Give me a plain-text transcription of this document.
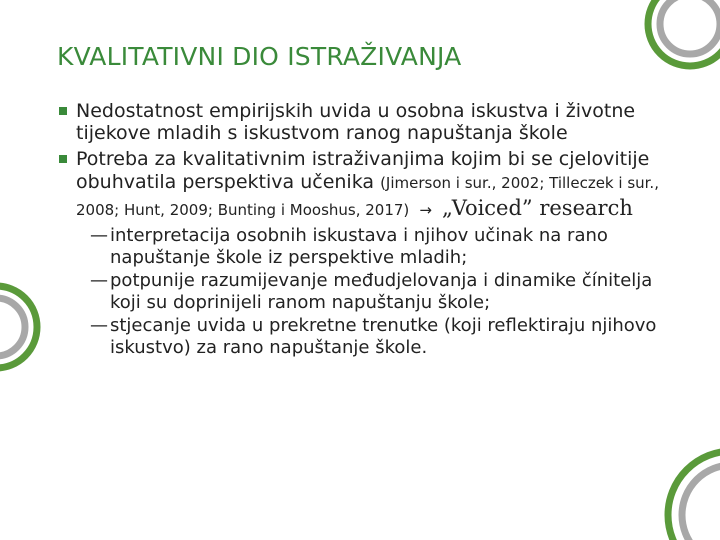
KVALITATIVNI DIO ISTRAŽIVANJA
Nedostatnost empirijskih uvida u osobna iskustva i životne tijekove mladih s iskustvom ranog napuštanja škole
Potreba za kvalitativnim istraživanjima kojim bi se cjelovitije obuhvatila perspektiva učenika (Jimerson i sur., 2002; Tilleczek i sur., 2008; Hunt, 2009; Bunting i Mooshus, 2017) → „Voiced” research
— interpretacija osobnih iskustava i njihov učinak na rano napuštanje škole iz perspektive mladih;
— potpunije razumijevanje međudjelovanja i dinamike čínitelja koji su doprinijeli ranom napuštanju škole;
— stjecanje uvida u prekretne trenutke (koji reflektiraju njihovo iskustvo) za rano napuštanje škole.
